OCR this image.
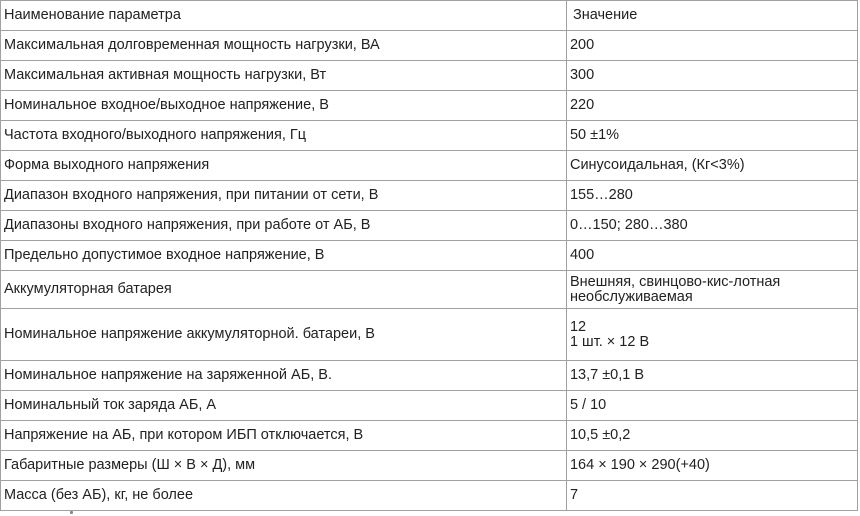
Наименование параметра	Значение
Максимальная долговременная мощность нагрузки, ВА	200

Максимальная активная мощность нагрузки, Вт	300

Номинальное входное/выходное напряжение, В	220

Частота входного/выходного напряжения, Гц	50 ±1%

Форма выходного напряжения	Синусоидальная, (Кг<3%)

Диапазон входного напряжения, при питании от сети, В	155…280

Диапазоны входного напряжения, при работе от АБ, В	0…150; 280…380

Предельно допустимое входное напряжение, В	400

Аккумуляторная батарея	Внешняя, свинцово-кис-лотная
необслуживаемая

Номинальное напряжение аккумуляторной. батареи, В	12
1 шт. × 12 В

Номинальное напряжение на заряженной АБ, В.	13,7 ±0,1 В

Номинальный ток заряда АБ, А	5 / 10

Напряжение на АБ, при котором ИБП отключается, В	10,5 ±0,2

Габаритные размеры (Ш × В × Д), мм	164 × 190 × 290(+40)

Масса (без АБ), кг, не более	7
